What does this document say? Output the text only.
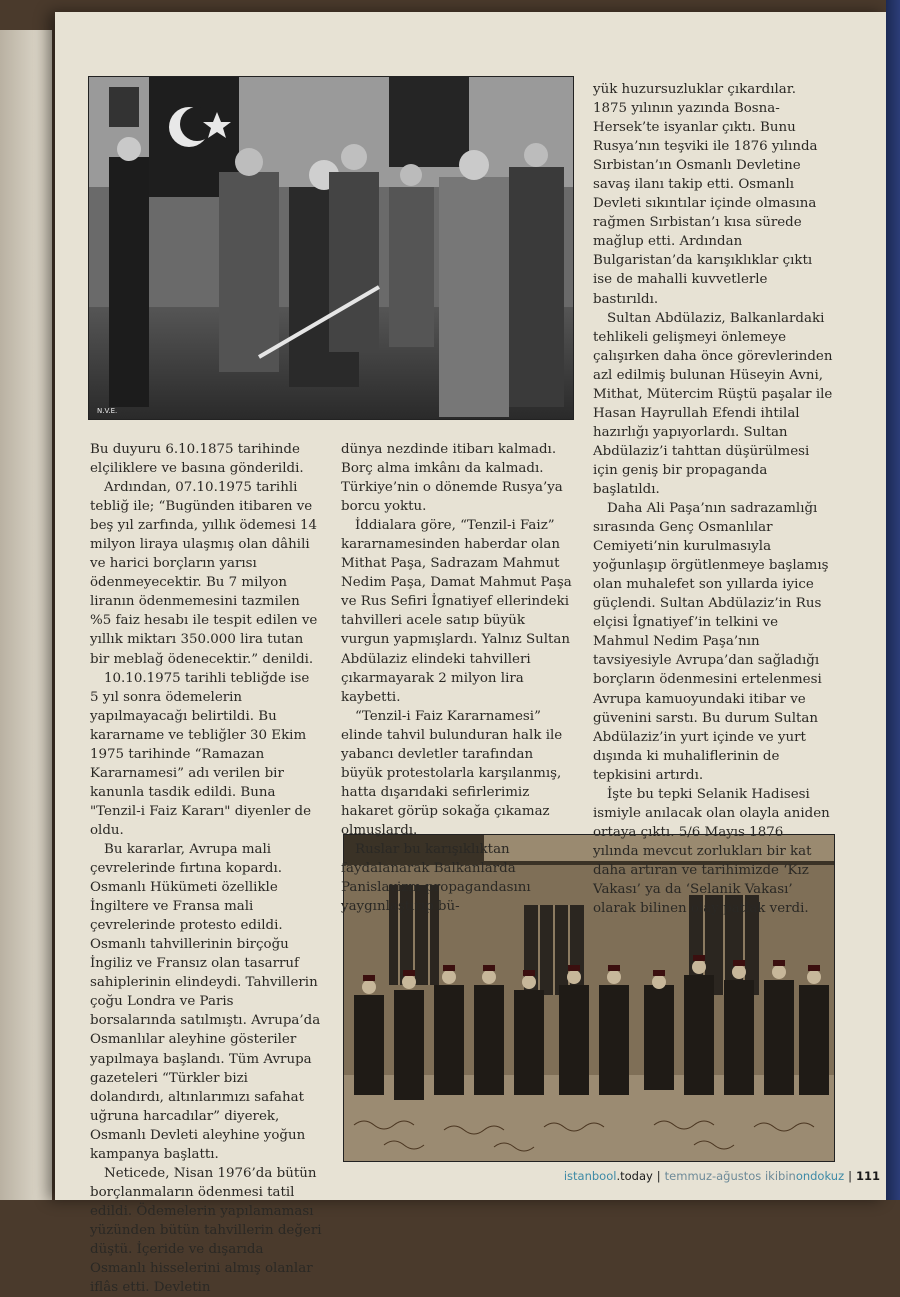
N.V.E.

Bu duyuru 6.10.1875 tarihinde elçiliklere ve basına gönderildi.

Ardından, 07.10.1975 tarihli tebliğ ile; “Bugünden itibaren ve beş yıl zarfında, yıllık ödemesi 14 milyon liraya ulaşmış olan dâhili ve harici borçların yarısı ödenmeyecektir. Bu 7 milyon liranın ödenmemesini tazmilen %5 faiz hesabı ile tespit edilen ve yıllık miktarı 350.000 lira tutan bir meblağ ödenecektir.” denildi.

10.10.1975 tarihli tebliğde ise 5 yıl sonra ödemelerin yapılmayacağı belirtildi. Bu kararname ve tebliğler 30 Ekim 1975 tarihinde “Ramazan Kararnamesi” adı verilen bir kanunla tasdik edildi. Buna "Tenzil-i Faiz Kararı" diyenler de oldu.

Bu kararlar, Avrupa mali çevrelerinde fırtına kopardı. Osmanlı Hükümeti özellikle İngiltere ve Fransa mali çevrelerinde protesto edildi. Osmanlı tahvillerinin birçoğu İngiliz ve Fransız olan tasarruf sahiplerinin elindeydi. Tahvillerin çoğu Londra ve Paris borsalarında satılmıştı. Avrupa’da Osmanlılar aleyhine gösteriler yapılmaya başlandı. Tüm Avrupa gazeteleri “Türkler bizi dolandırdı, altınlarımızı safahat uğruna harcadılar” diyerek, Osmanlı Devleti aleyhine yoğun kampanya başlattı.

Neticede, Nisan 1976’da bütün borçlanmaların ödenmesi tatil edildi. Ödemelerin yapılamaması yüzünden bütün tahvillerin değeri düştü. İçeride ve dışarıda Osmanlı hisselerini almış olanlar iflâs etti. Devletin

dünya nezdinde itibarı kalmadı. Borç alma imkânı da kalmadı. Türkiye’nin o dönemde Rusya’ya borcu yoktu.

İddialara göre, “Tenzil-i Faiz” kararnamesinden haberdar olan Mithat Paşa, Sadrazam Mahmut Nedim Paşa, Damat Mahmut Paşa ve Rus Sefiri İgnatiyef ellerindeki tahvilleri acele satıp büyük vurgun yapmışlardı. Yalnız Sultan Abdülaziz elindeki tahvilleri çıkarmayarak 2 milyon lira kaybetti.

“Tenzil-i Faiz Kararnamesi” elinde tahvil bulunduran halk ile yabancı devletler tarafından büyük protestolarla karşılanmış, hatta dışarıdaki sefirlerimiz hakaret görüp sokağa çıkamaz olmuşlardı.

Ruslar bu karışıklıktan faydalanarak Balkanlarda Panislavizm propagandasını yaygınlaştırıp bü-

yük huzursuzluklar çıkardılar. 1875 yılının yazında Bosna-Hersek’te isyanlar çıktı. Bunu Rusya’nın teşviki ile 1876 yılında Sırbistan’ın Osmanlı Devletine savaş ilanı takip etti. Osmanlı Devleti sıkıntılar içinde olmasına rağmen Sırbistan’ı kısa sürede mağlup etti. Ardından Bulgaristan’da karışıklıklar çıktı ise de mahalli kuvvetlerle bastırıldı.

Sultan Abdülaziz, Balkanlardaki tehlikeli gelişmeyi önlemeye çalışırken daha önce görevlerinden azl edilmiş bulunan Hüseyin Avni, Mithat, Mütercim Rüştü paşalar ile Hasan Hayrullah Efendi ihtilal hazırlığı yapıyorlardı. Sultan Abdülaziz’i tahttan düşürülmesi için geniş bir propaganda başlatıldı.

Daha Ali Paşa’nın sadrazamlığı sırasında Genç Osmanlılar Cemiyeti’nin kurulmasıyla yoğunlaşıp örgütlenmeye başlamış olan muhalefet son yıllarda iyice güçlendi. Sultan Abdülaziz’in Rus elçisi İgnatiyef’in telkini ve Mahmul Nedim Paşa’nın tavsiyesiyle Avrupa’dan sağladığı borçların ödenmesini ertelenmesi Avrupa kamuoyundaki itibar ve güvenini sarstı. Bu durum Sultan Abdülaziz’in yurt içinde ve yurt dışında ki muhaliflerinin de tepkisini artırdı.

İşte bu tepki Selanik Hadisesi ismiyle anılacak olan olayla aniden ortaya çıktı. 5/6 Mayıs 1876 yılında mevcut zorlukları bir kat daha artıran ve tarihimizde ‘Kız Vakası’ ya da ‘Selanik Vakası’ olarak bilinen olay patlak verdi.

istanbool.today | temmuz-ağustos ikibinondokuz | 111
